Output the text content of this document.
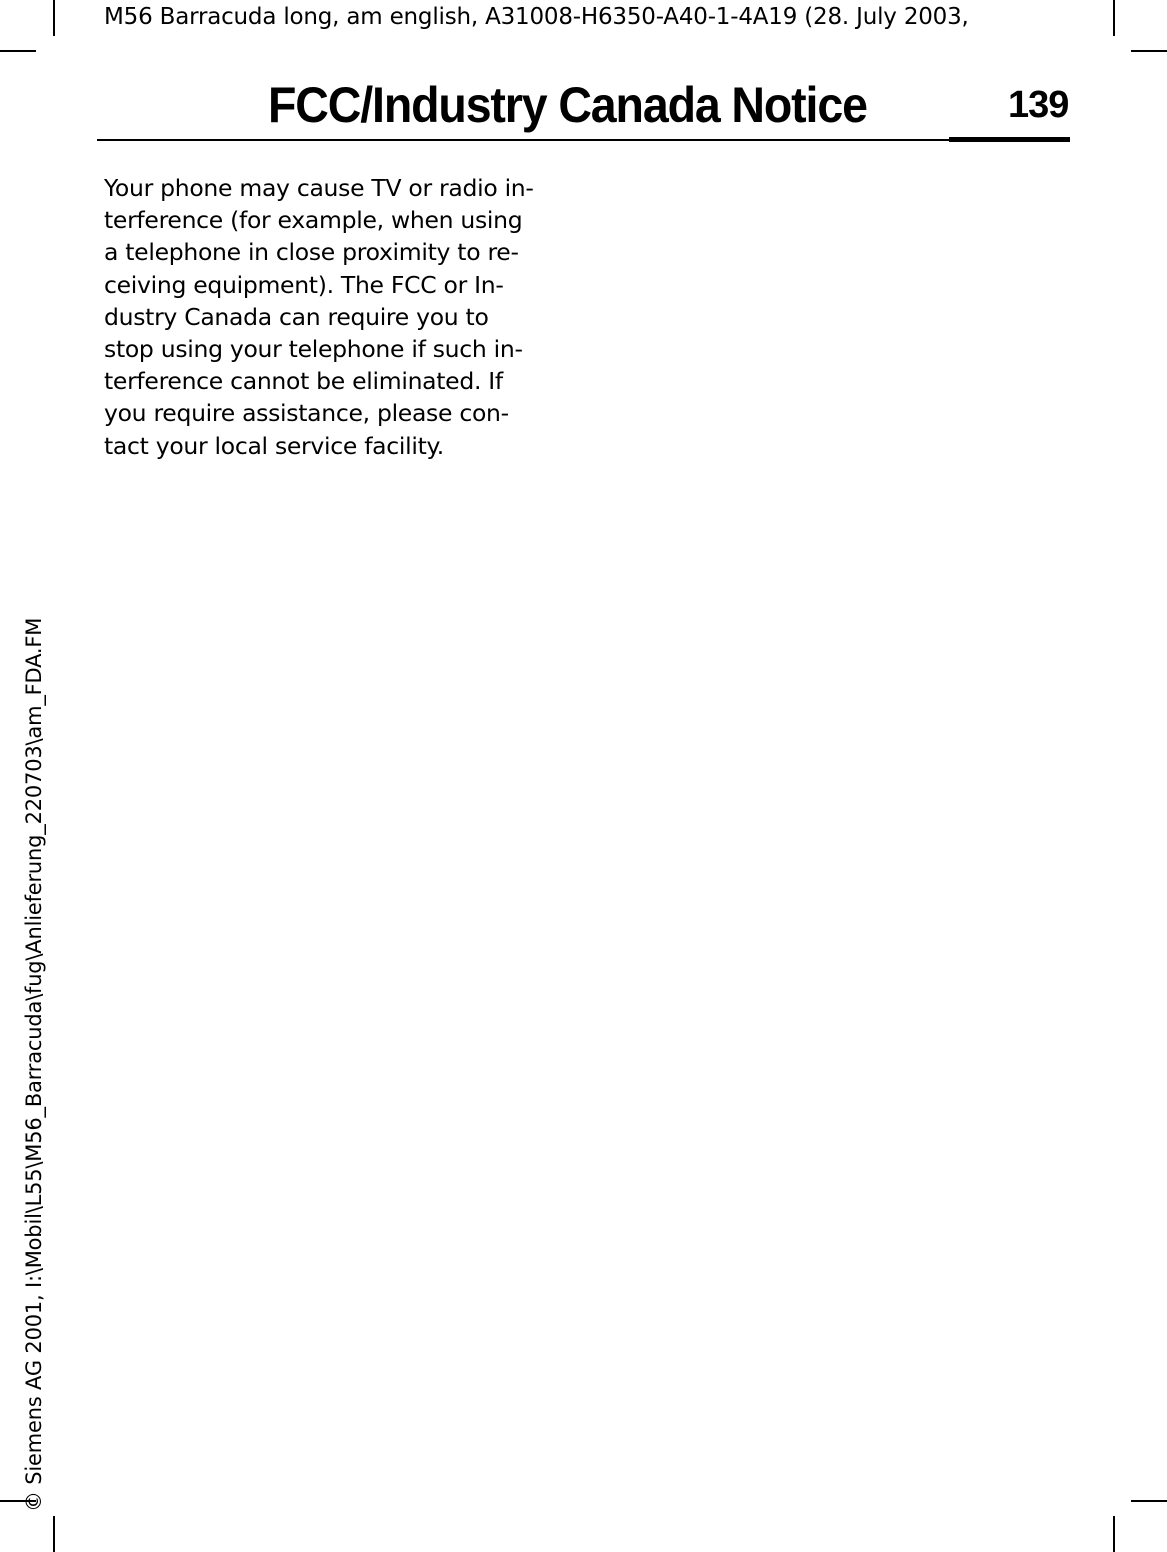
M56 Barracuda long, am english, A31008-H6350-A40-1-4A19 (28. July 2003,
© Siemens AG 2001, I:\Mobil\L55\M56_Barracuda\fug\Anlieferung_220703\am_FDA.FM
FCC/Industry Canada Notice	139
Your phone may cause TV or radio in-
terference (for example, when using
a telephone in close proximity to re-
ceiving equipment). The FCC or In-
dustry Canada can require you to
stop using your telephone if such in-
terference cannot be eliminated. If
you require assistance, please con-
tact your local service facility.
